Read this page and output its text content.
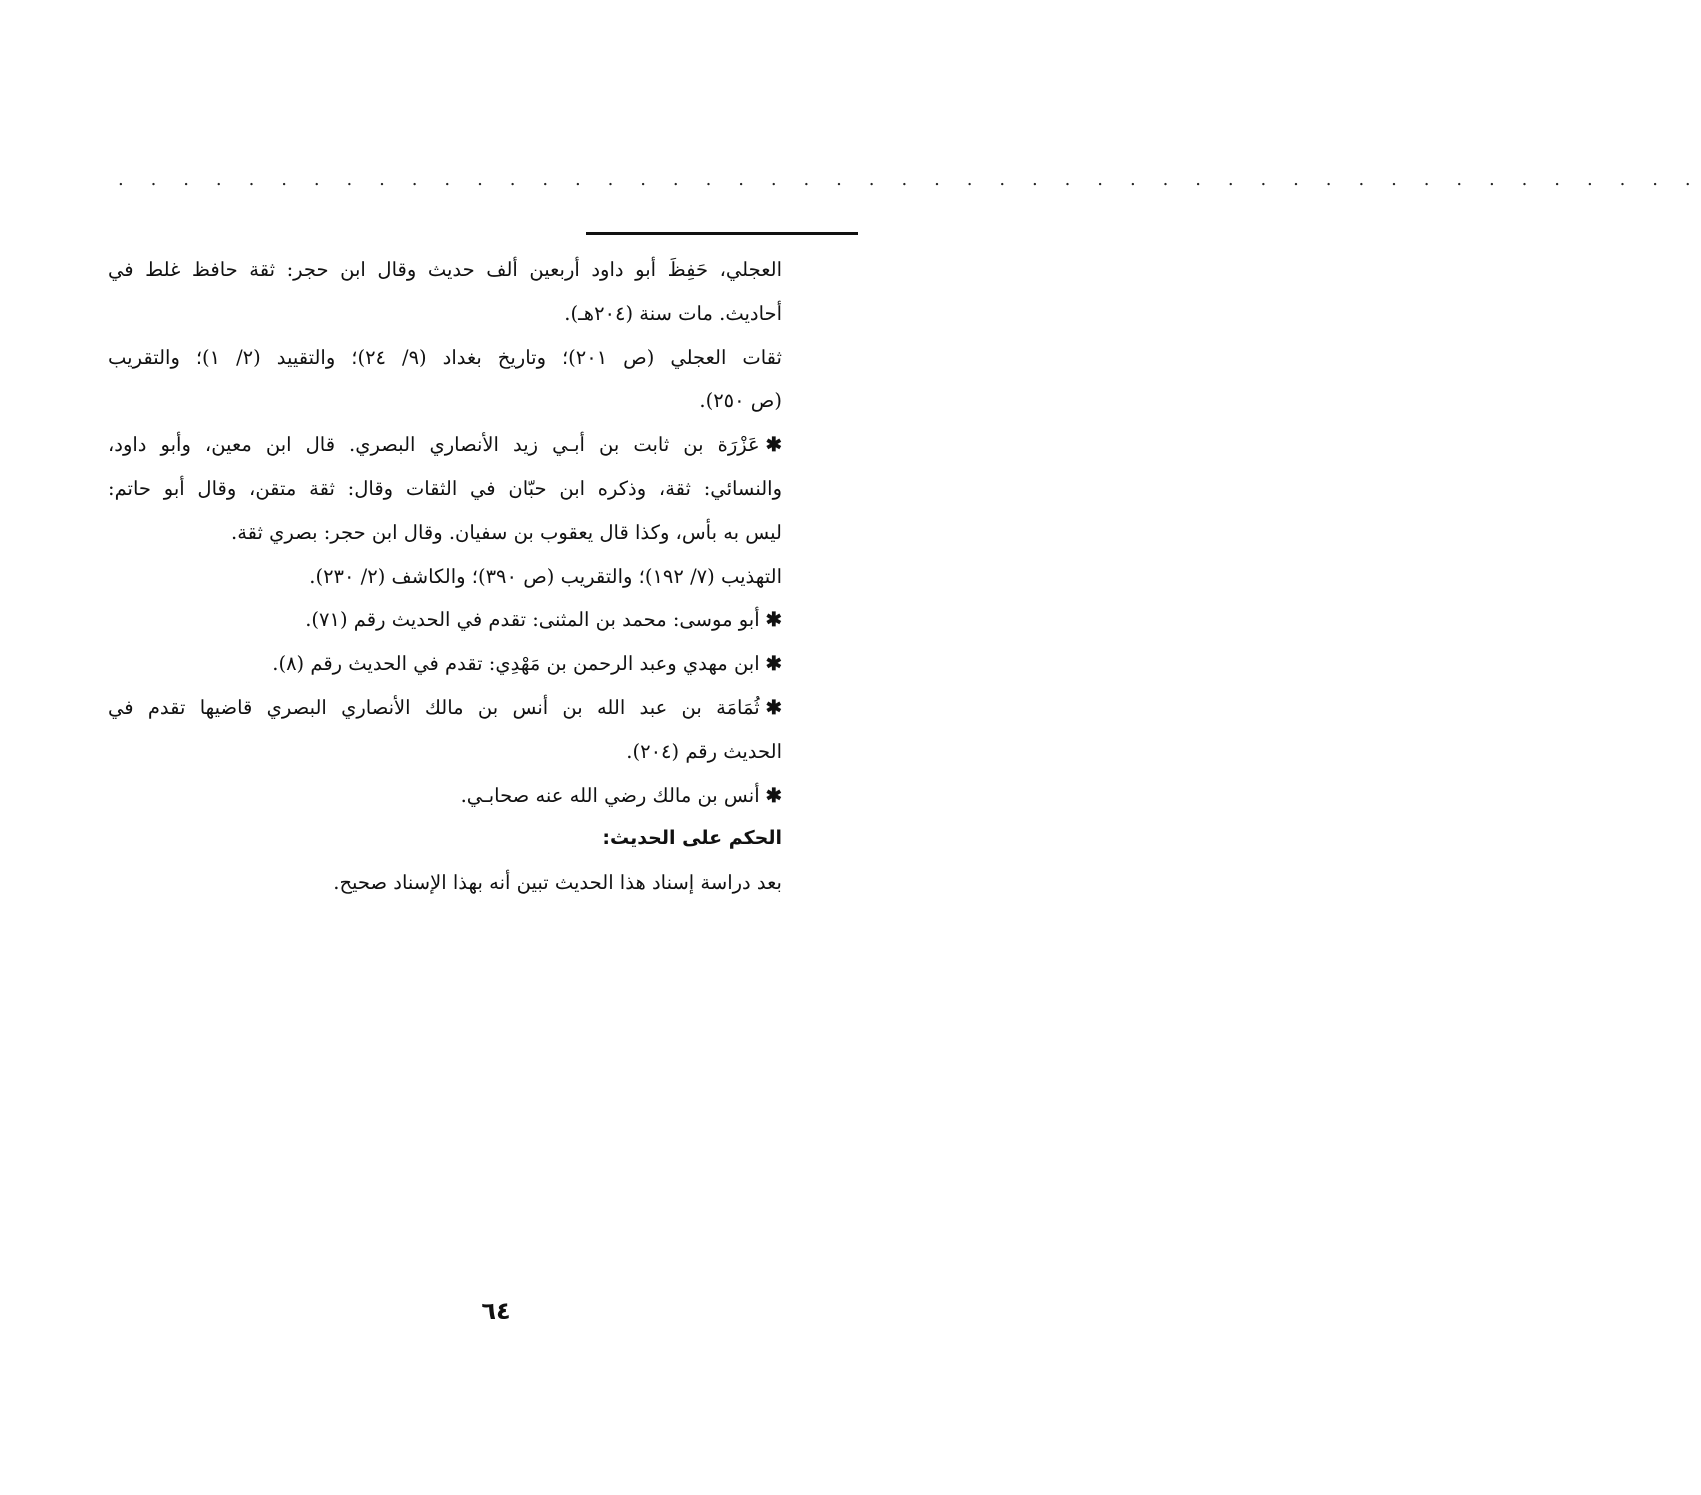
. . . . . . . . . . . . . . . . . . . . . . . . . . . . . . . . . . . . . . . . . . . . . . . . .
العجلي، حَفِظَ أبو داود أربعين ألف حديث وقال ابن حجر: ثقة حافظ غلط في
أحاديث. مات سنة (٢٠٤هـ).
ثقات العجلي (ص ٢٠١)؛ وتاريخ بغداد (٩/ ٢٤)؛ والتقييد (٢/ ١)؛ والتقريب
(ص ٢٥٠).
✱عَزْرَة بن ثابت بن أبـي زيد الأنصاري البصري. قال ابن معين، وأبو داود،
والنسائي: ثقة، وذكره ابن حبّان في الثقات وقال: ثقة متقن، وقال أبو حاتم:
ليس به بأس، وكذا قال يعقوب بن سفيان. وقال ابن حجر: بصري ثقة.
التهذيب (٧/ ١٩٢)؛ والتقريب (ص ٣٩٠)؛ والكاشف (٢/ ٢٣٠).
✱أبو موسى: محمد بن المثنى: تقدم في الحديث رقم (٧١).
✱ابن مهدي وعبد الرحمن بن مَهْدِي: تقدم في الحديث رقم (٨).
✱ثُمَامَة بن عبد الله بن أنس بن مالك الأنصاري البصري قاضيها تقدم في
الحديث رقم (٢٠٤).
✱أنس بن مالك رضي الله عنه صحابـي.
الحكم على الحديث:
بعد دراسة إسناد هذا الحديث تبين أنه بهذا الإسناد صحيح.
٦٤
